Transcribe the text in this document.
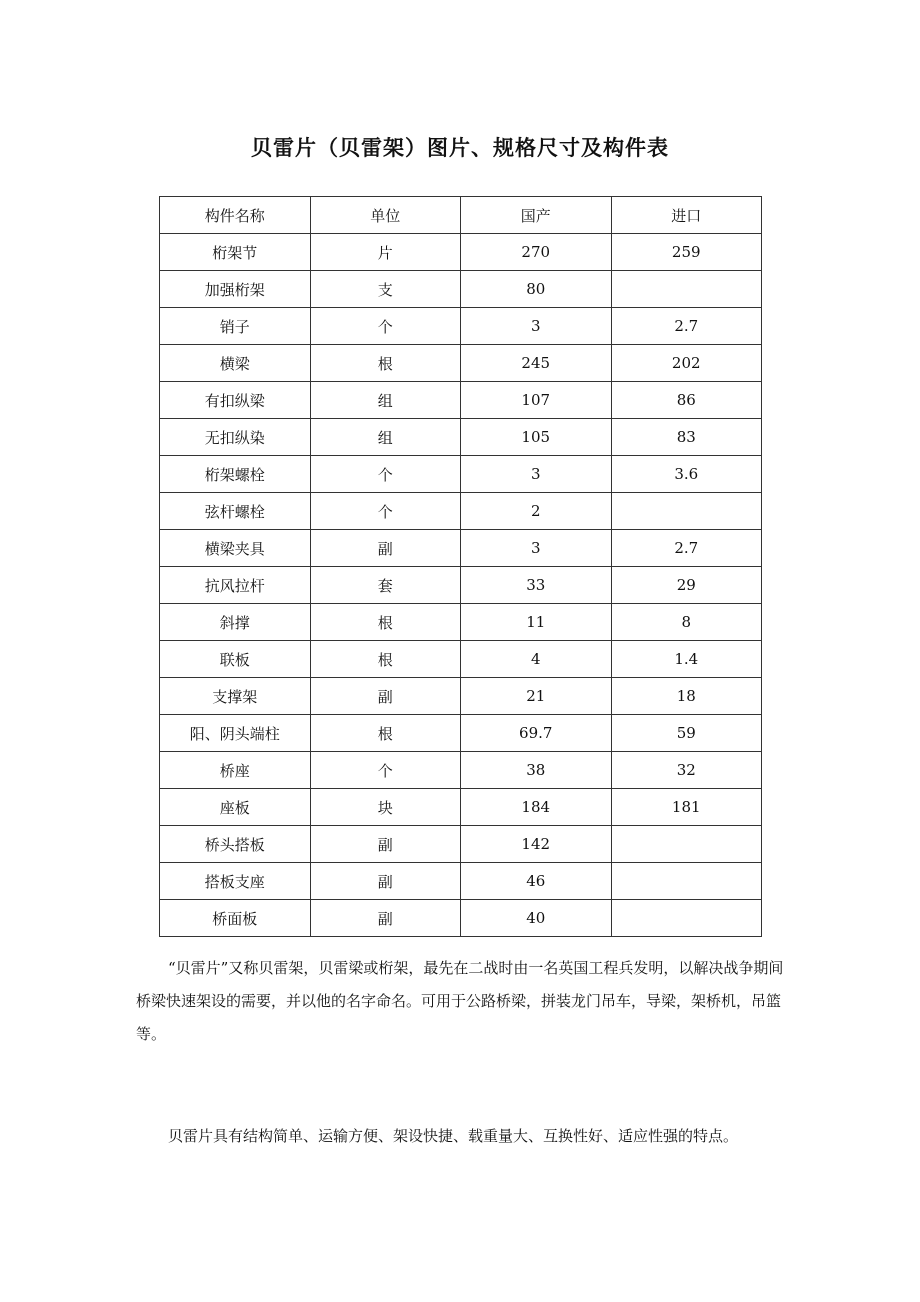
贝雷片（贝雷架）图片、规格尺寸及构件表
构件名称	单位	国产	进口
桁架节	片	270	259
加强桁架	支	80	
销子	个	3	2.7
横梁	根	245	202
有扣纵梁	组	107	86
无扣纵染	组	105	83
桁架螺栓	个	3	3.6
弦杆螺栓	个	2	
横梁夹具	副	3	2.7
抗风拉杆	套	33	29
斜撑	根	11	8
联板	根	4	1.4
支撑架	副	21	18
阳、阴头端柱	根	69.7	59
桥座	个	38	32
座板	块	184	181
桥头搭板	副	142	
搭板支座	副	46	
桥面板	副	40	

“贝雷片”又称贝雷架，贝雷梁或桁架，最先在二战时由一名英国工程兵发明，以解决战争期间桥梁快速架设的需要，并以他的名字命名。可用于公路桥梁，拼装龙门吊车，导梁，架桥机，吊篮等。

贝雷片具有结构简单、运输方便、架设快捷、载重量大、互换性好、适应性强的特点。
